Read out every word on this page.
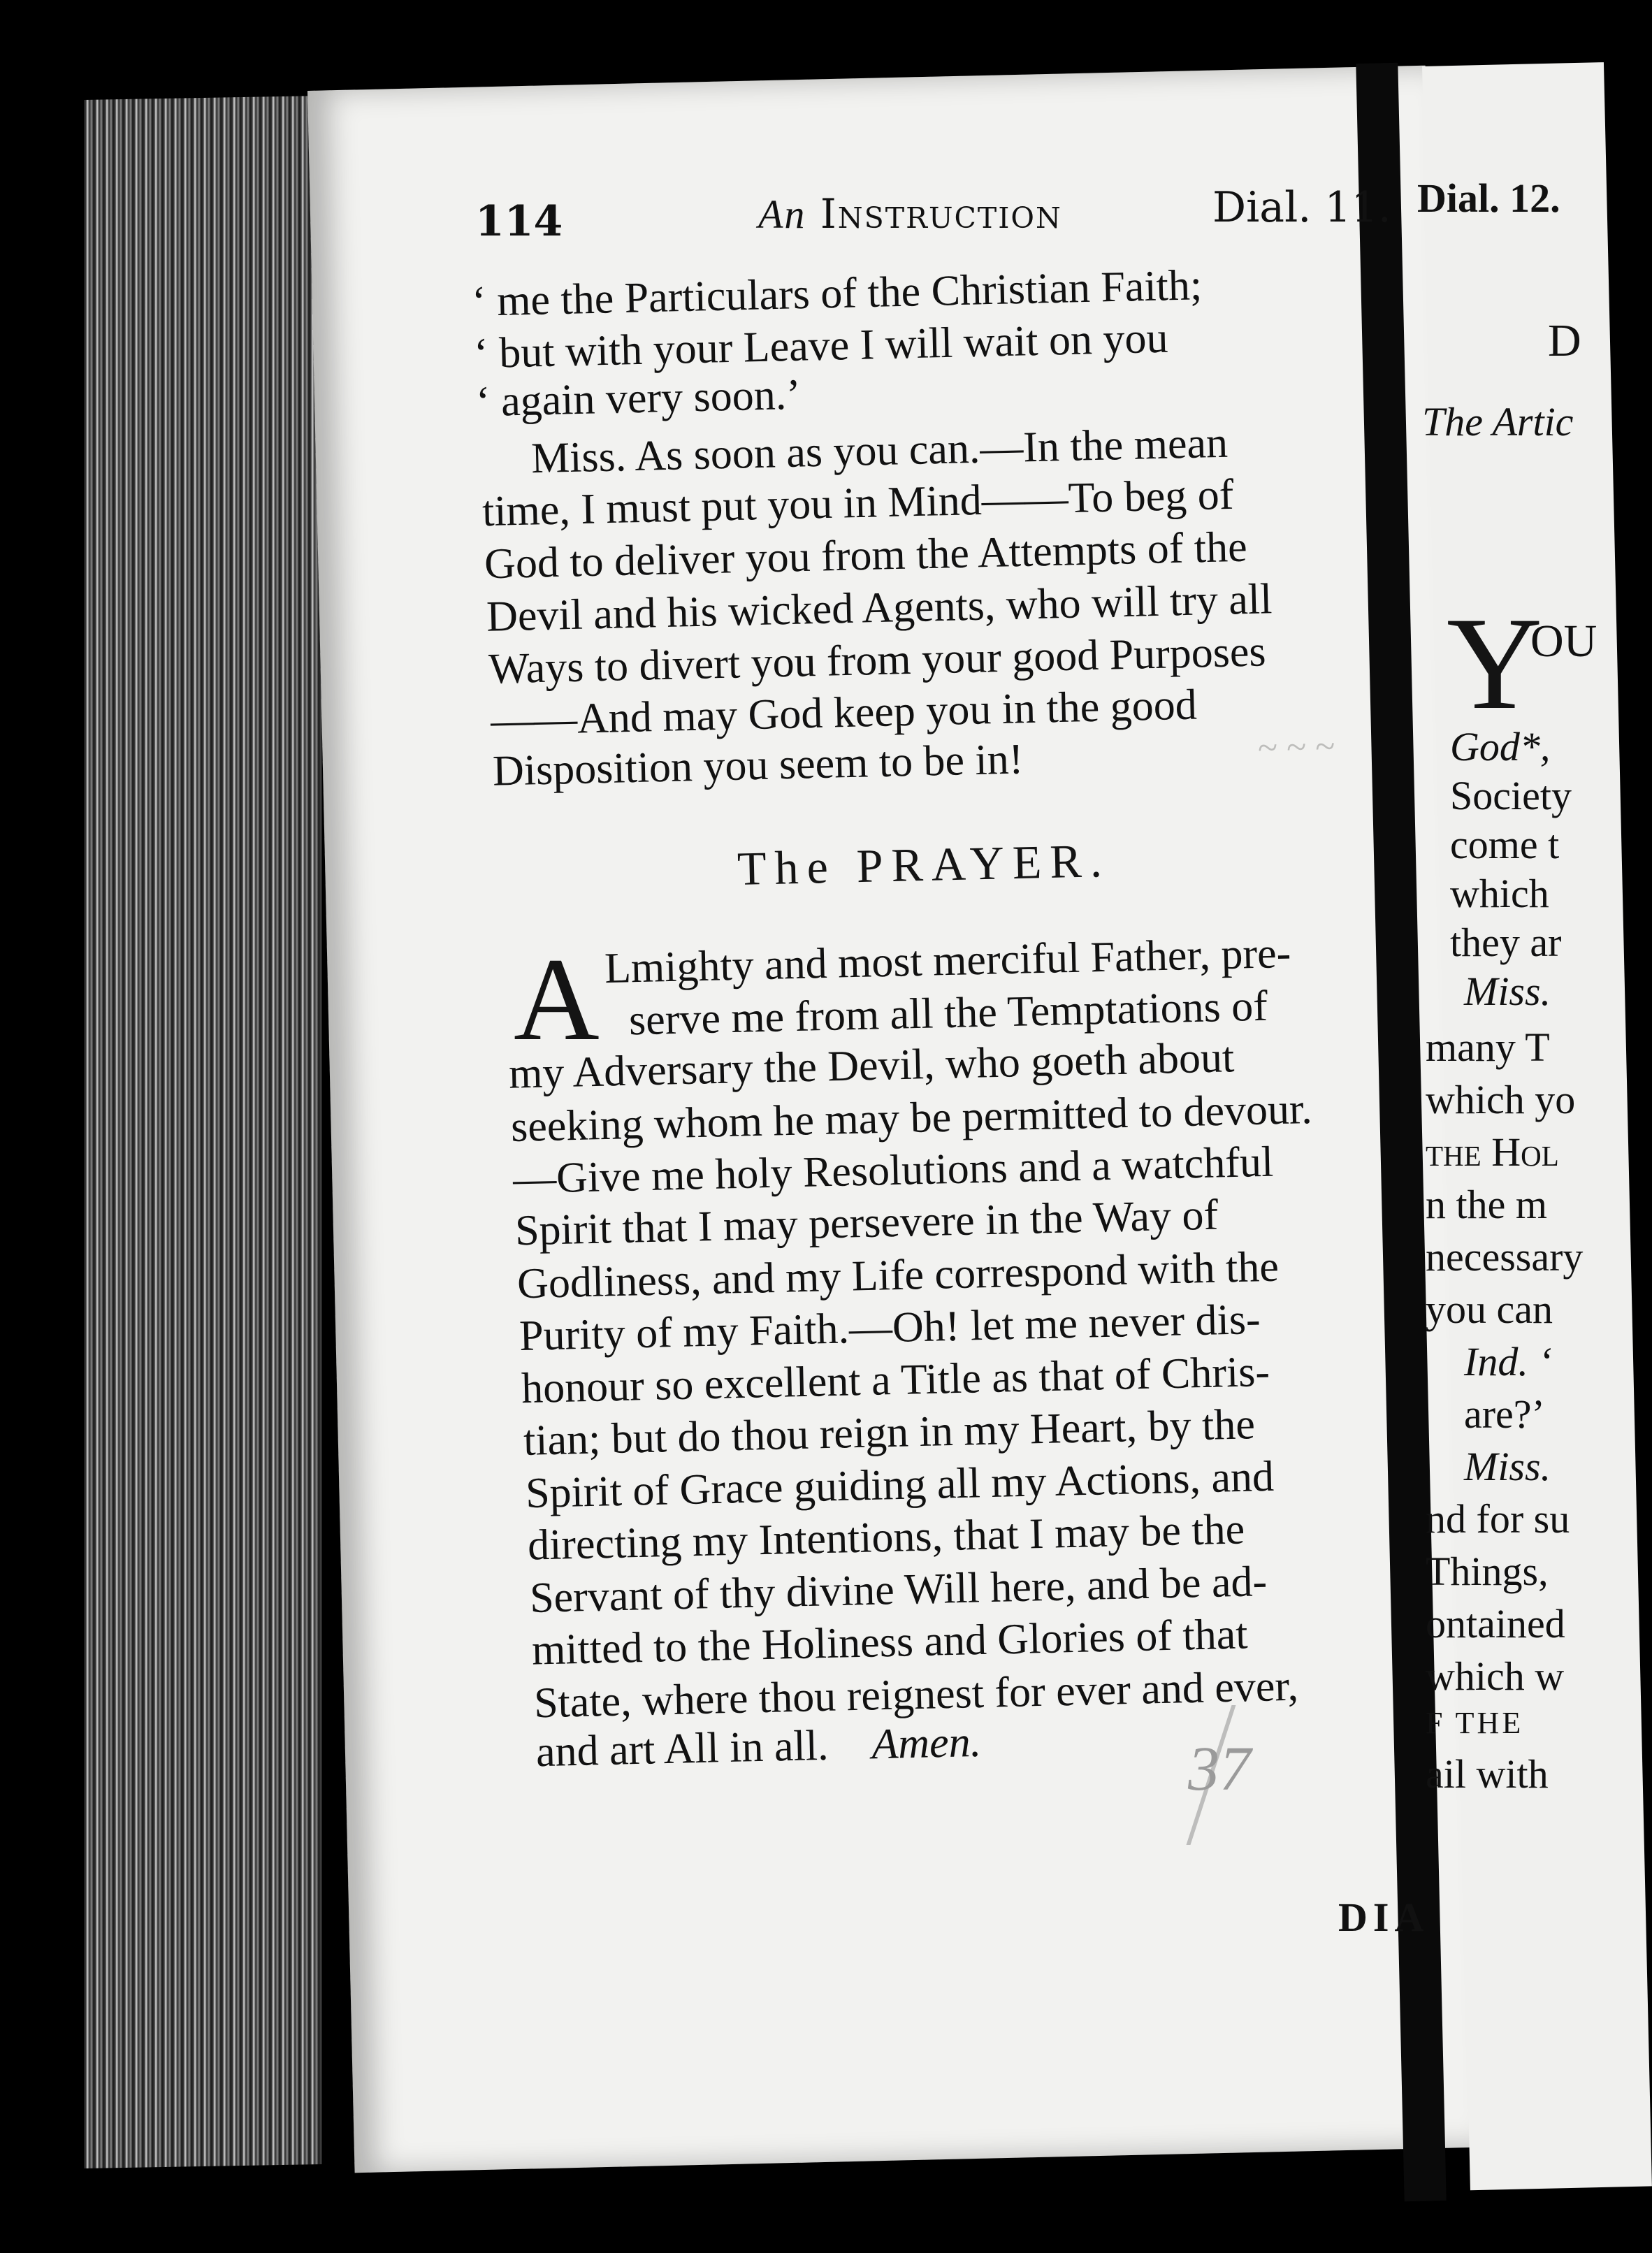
~ ~ ~
114	An Instruction	Dial. 11.
‘ me the Particulars of the Christian Faith;
‘ but with your Leave I will wait on you
‘ again very soon.’
Miss. As soon as you can.—In the mean
time, I must put you in Mind——To beg of
God to deliver you from the Attempts of the
Devil and his wicked Agents, who will try all
Ways to divert you from your good Purposes
——And may God keep you in the good
Disposition you seem to be in!
The PRAYER.
A Lmighty and most merciful Father, pre-
serve me from all the Temptations of
my Adversary the Devil, who goeth about
seeking whom he may be permitted to devour.
—Give me holy Resolutions and a watchful
Spirit that I may persevere in the Way of
Godliness, and my Life correspond with the
Purity of my Faith.—Oh! let me never dis-
honour so excellent a Title as that of Chris-
tian; but do thou reign in my Heart, by the
Spirit of Grace guiding all my Actions, and
directing my Intentions, that I may be the
Servant of thy divine Will here, and be ad-
mitted to the Holiness and Glories of that
State, where thou reignest for ever and ever,
and art All in all. Amen.
Dial. 12.
D
The Artic
Y
OU
God*,
Society
come t
which
they ar
Miss.
many T
which yo
the Hol
n the m
necessary
you can
Ind. ‘
are?’
Miss.
nd for su
Things,
ontained
which w
F THE
ail with
DIA
37
